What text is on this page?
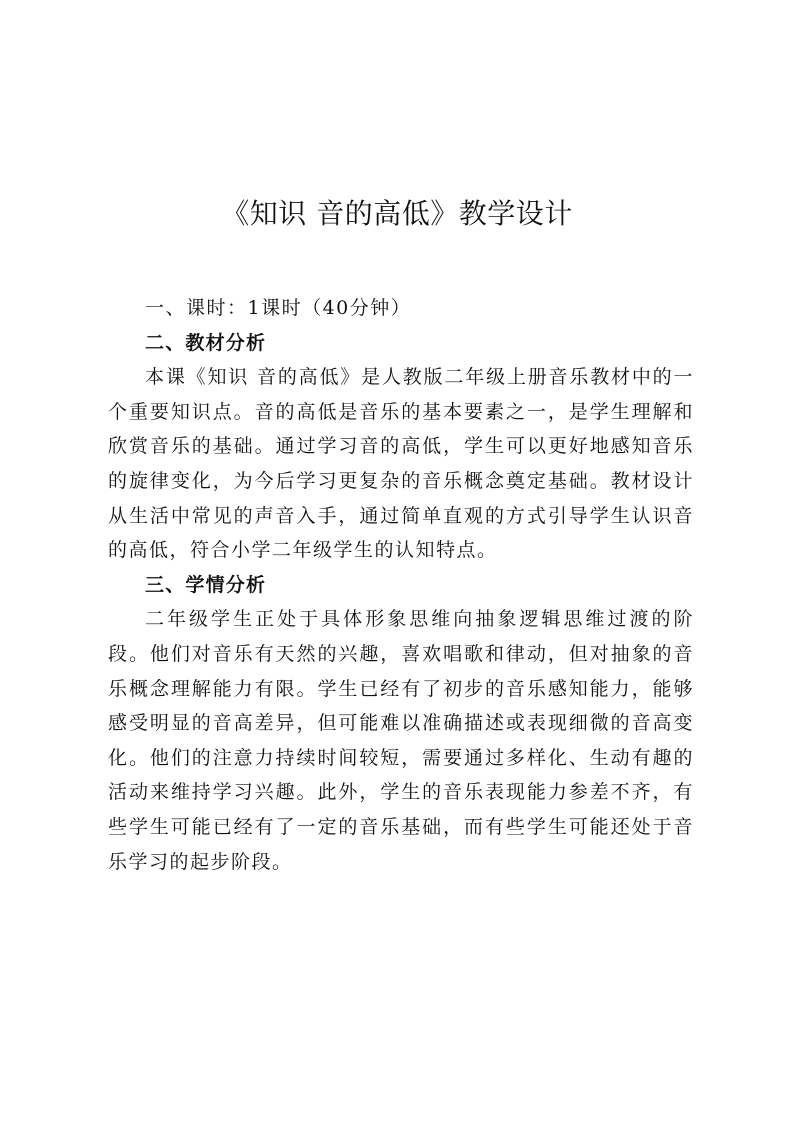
《知识 音的高低》教学设计

一、课时：1课时（40分钟）

二、教材分析

本课《知识 音的高低》是人教版二年级上册音乐教材中的一个重要知识点。音的高低是音乐的基本要素之一，是学生理解和欣赏音乐的基础。通过学习音的高低，学生可以更好地感知音乐的旋律变化，为今后学习更复杂的音乐概念奠定基础。教材设计从生活中常见的声音入手，通过简单直观的方式引导学生认识音的高低，符合小学二年级学生的认知特点。

三、学情分析

二年级学生正处于具体形象思维向抽象逻辑思维过渡的阶段。他们对音乐有天然的兴趣，喜欢唱歌和律动，但对抽象的音乐概念理解能力有限。学生已经有了初步的音乐感知能力，能够感受明显的音高差异，但可能难以准确描述或表现细微的音高变化。他们的注意力持续时间较短，需要通过多样化、生动有趣的活动来维持学习兴趣。此外，学生的音乐表现能力参差不齐，有些学生可能已经有了一定的音乐基础，而有些学生可能还处于音乐学习的起步阶段。
